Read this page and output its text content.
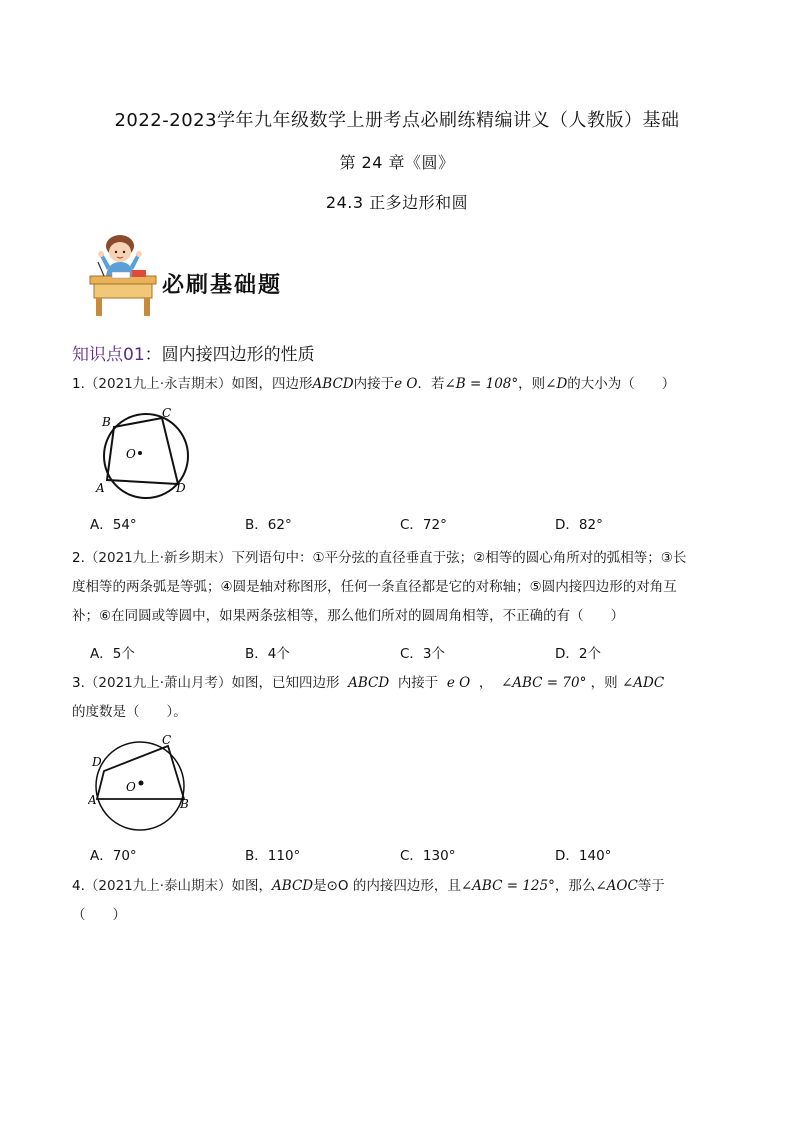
2022-2023学年九年级数学上册考点必刷练精编讲义（人教版）基础
第 24 章《圆》
24.3 正多边形和圆
必刷基础题
知识点01：圆内接四边形的性质
1.（2021九上·永吉期末）如图，四边形ABCD内接于e O．若∠B = 108°，则∠D的大小为（　　）
O
A
B
C
D
A．54°	B．62°	C．72°	D．82°
2.（2021九上·新乡期末）下列语句中：①平分弦的直径垂直于弦；②相等的圆心角所对的弧相等；③长
度相等的两条弧是等弧；④圆是轴对称图形，任何一条直径都是它的对称轴；⑤圆内接四边形的对角互
补；⑥在同圆或等圆中，如果两条弦相等，那么他们所对的圆周角相等，不正确的有（　　）
A．5个	B．4个	C．3个	D．2个
3.（2021九上·萧山月考）如图，已知四边形 ABCD 内接于 e O ， ∠ABC = 70° ，则 ∠ADC
的度数是（　　）。
O
A	B
C
D
A．70°	B．110°	C．130°	D．140°
4.（2021九上·泰山期末）如图，ABCD是⊙O 的内接四边形，且∠ABC = 125°，那么∠AOC等于
（　　）
